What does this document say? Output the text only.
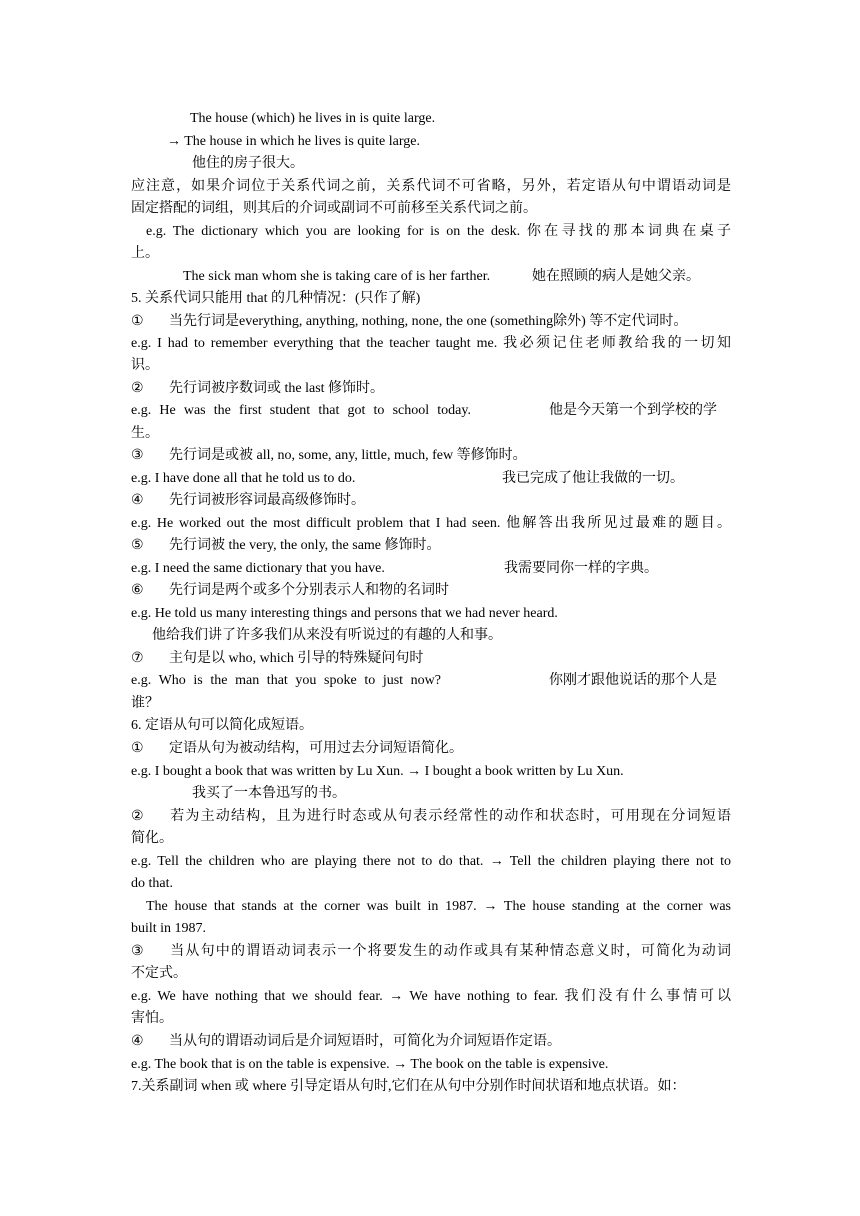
The house (which) he lives in is quite large.
→ The house in which he lives is quite large.
他住的房子很大。
应注意，如果介词位于关系代词之前，关系代词不可省略，另外，若定语从句中谓语动词是
固定搭配的词组，则其后的介词或副词不可前移至关系代词之前。
e.g. The dictionary which you are looking for is on the desk. 你在寻找的那本词典在桌子
上。
The sick man whom she is taking care of is her farther.	她在照顾的病人是她父亲。
5. 关系代词只能用 that 的几种情况：(只作了解)
① 当先行词是everything, anything, nothing, none, the one (something除外) 等不定代词时。
e.g. I had to remember everything that the teacher taught me. 我必须记住老师教给我的一切知
识。
② 先行词被序数词或 the last 修饰时。
e.g. He was the first student that got to school today.	他是今天第一个到学校的学
生。
③ 先行词是或被 all, no, some, any, little, much, few 等修饰时。
e.g. I have done all that he told us to do.	我已完成了他让我做的一切。
④ 先行词被形容词最高级修饰时。
e.g. He worked out the most difficult problem that I had seen. 他解答出我所见过最难的题目。
⑤ 先行词被 the very, the only, the same 修饰时。
e.g. I need the same dictionary that you have.	我需要同你一样的字典。
⑥ 先行词是两个或多个分别表示人和物的名词时
e.g. He told us many interesting things and persons that we had never heard.
他给我们讲了许多我们从来没有听说过的有趣的人和事。
⑦ 主句是以 who, which 引导的特殊疑问句时
e.g. Who is the man that you spoke to just now?	你刚才跟他说话的那个人是
谁？
6. 定语从句可以简化成短语。
① 定语从句为被动结构，可用过去分词短语简化。
e.g. I bought a book that was written by Lu Xun. → I bought a book written by Lu Xun.
我买了一本鲁迅写的书。
② 若为主动结构，且为进行时态或从句表示经常性的动作和状态时，可用现在分词短语
简化。
e.g. Tell the children who are playing there not to do that. → Tell the children playing there not to
do that.
The house that stands at the corner was built in 1987. → The house standing at the corner was
built in 1987.
③ 当从句中的谓语动词表示一个将要发生的动作或具有某种情态意义时，可简化为动词
不定式。
e.g. We have nothing that we should fear. → We have nothing to fear. 我们没有什么事情可以
害怕。
④ 当从句的谓语动词后是介词短语时，可简化为介词短语作定语。
e.g. The book that is on the table is expensive. → The book on the table is expensive.
7.关系副词 when 或 where 引导定语从句时,它们在从句中分别作时间状语和地点状语。如：
